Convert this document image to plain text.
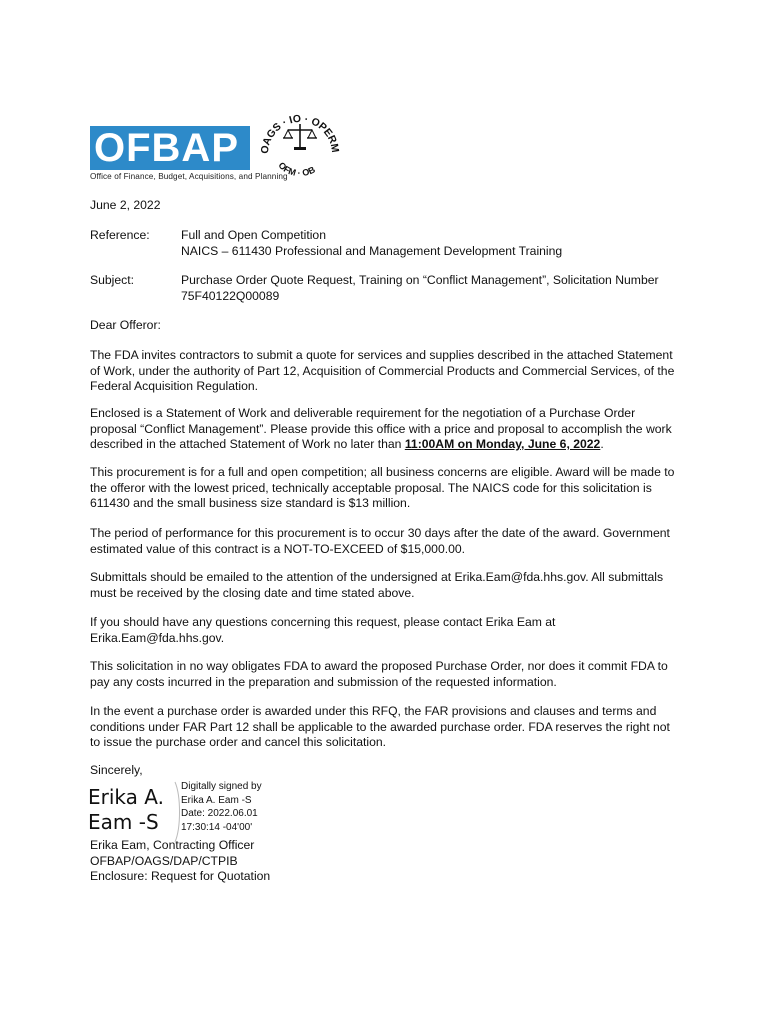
OFBAP
Office of Finance, Budget, Acquisitions, and Planning
OAGS · IO · OPERM
OFM · OB
June 2, 2022
Reference:	Full and Open Competition
NAICS – 611430 Professional and Management Development Training
Subject:	Purchase Order Quote Request, Training on “Conflict Management”, Solicitation Number 75F40122Q00089
Dear Offeror:

The FDA invites contractors to submit a quote for services and supplies described in the attached Statement of Work, under the authority of Part 12, Acquisition of Commercial Products and Commercial Services, of the Federal Acquisition Regulation.

Enclosed is a Statement of Work and deliverable requirement for the negotiation of a Purchase Order proposal “Conflict Management”. Please provide this office with a price and proposal to accomplish the work described in the attached Statement of Work no later than 11:00AM on Monday, June 6, 2022.

This procurement is for a full and open competition; all business concerns are eligible. Award will be made to the offeror with the lowest priced, technically acceptable proposal. The NAICS code for this solicitation is 611430 and the small business size standard is $13 million.

The period of performance for this procurement is to occur 30 days after the date of the award. Government estimated value of this contract is a NOT-TO-EXCEED of $15,000.00.

Submittals should be emailed to the attention of the undersigned at Erika.Eam@fda.hhs.gov. All submittals must be received by the closing date and time stated above.

If you should have any questions concerning this request, please contact Erika Eam at Erika.Eam@fda.hhs.gov.

This solicitation in no way obligates FDA to award the proposed Purchase Order, nor does it commit FDA to pay any costs incurred in the preparation and submission of the requested information.

In the event a purchase order is awarded under this RFQ, the FAR provisions and clauses and terms and conditions under FAR Part 12 shall be applicable to the awarded purchase order. FDA reserves the right not to issue the purchase order and cancel this solicitation.

Sincerely,
Erika A.
Eam -S
Digitally signed by
Erika A. Eam -S
Date: 2022.06.01
17:30:14 -04'00'
Erika Eam, Contracting Officer
OFBAP/OAGS/DAP/CTPIB
Enclosure: Request for Quotation
